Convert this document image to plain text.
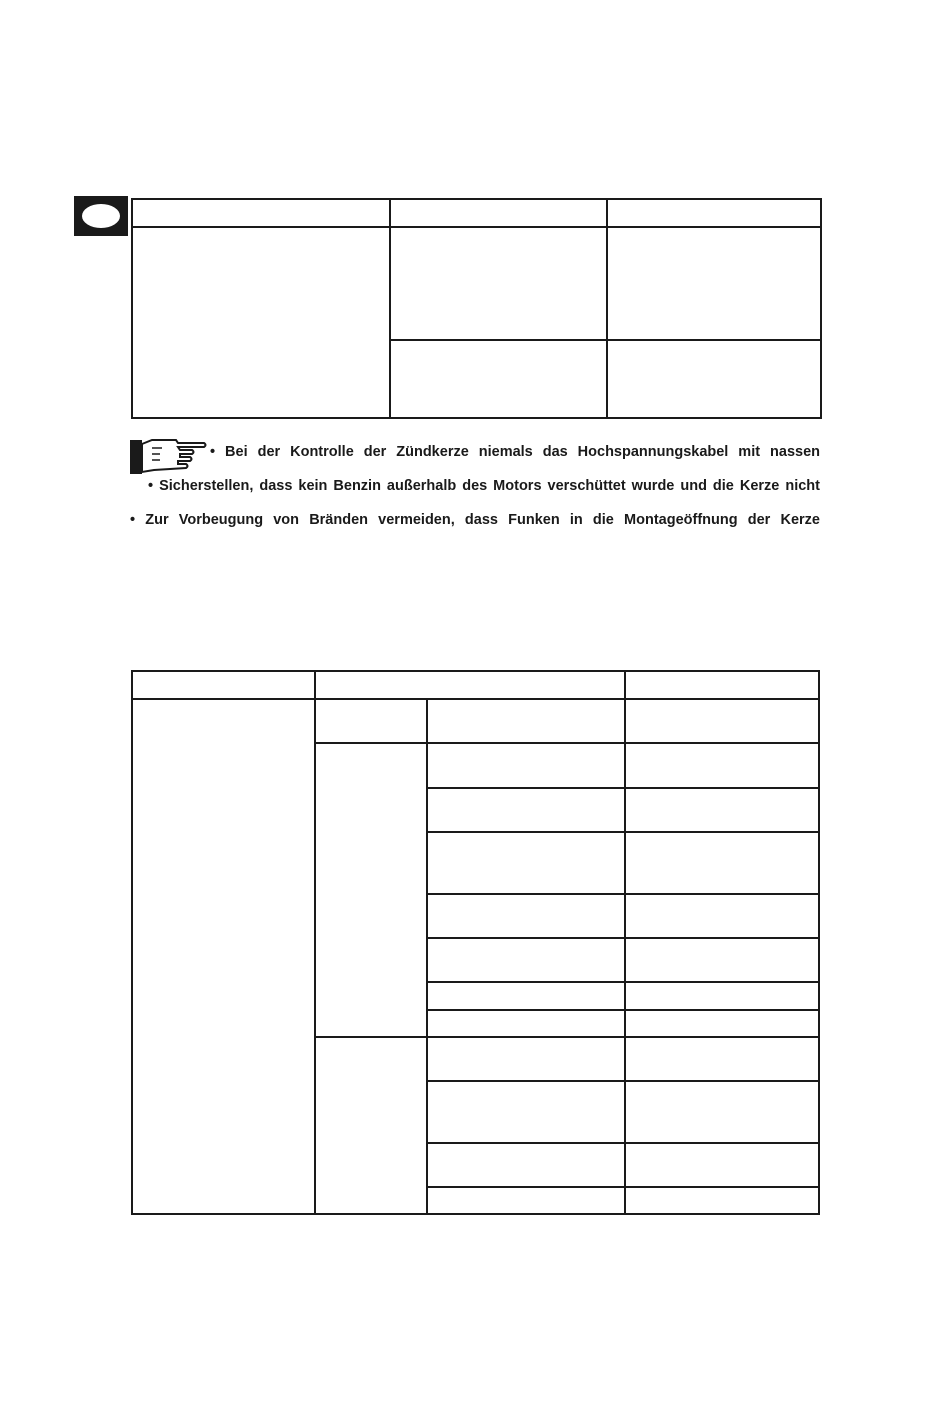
• Bei der Kontrolle der Zündkerze niemals das Hochspannungskabel mit nassen
• Sicherstellen, dass kein Benzin außerhalb des Motors verschüttet wurde und die Kerze nicht
• Zur Vorbeugung von Bränden vermeiden, dass Funken in die Montageöffnung der Kerze
